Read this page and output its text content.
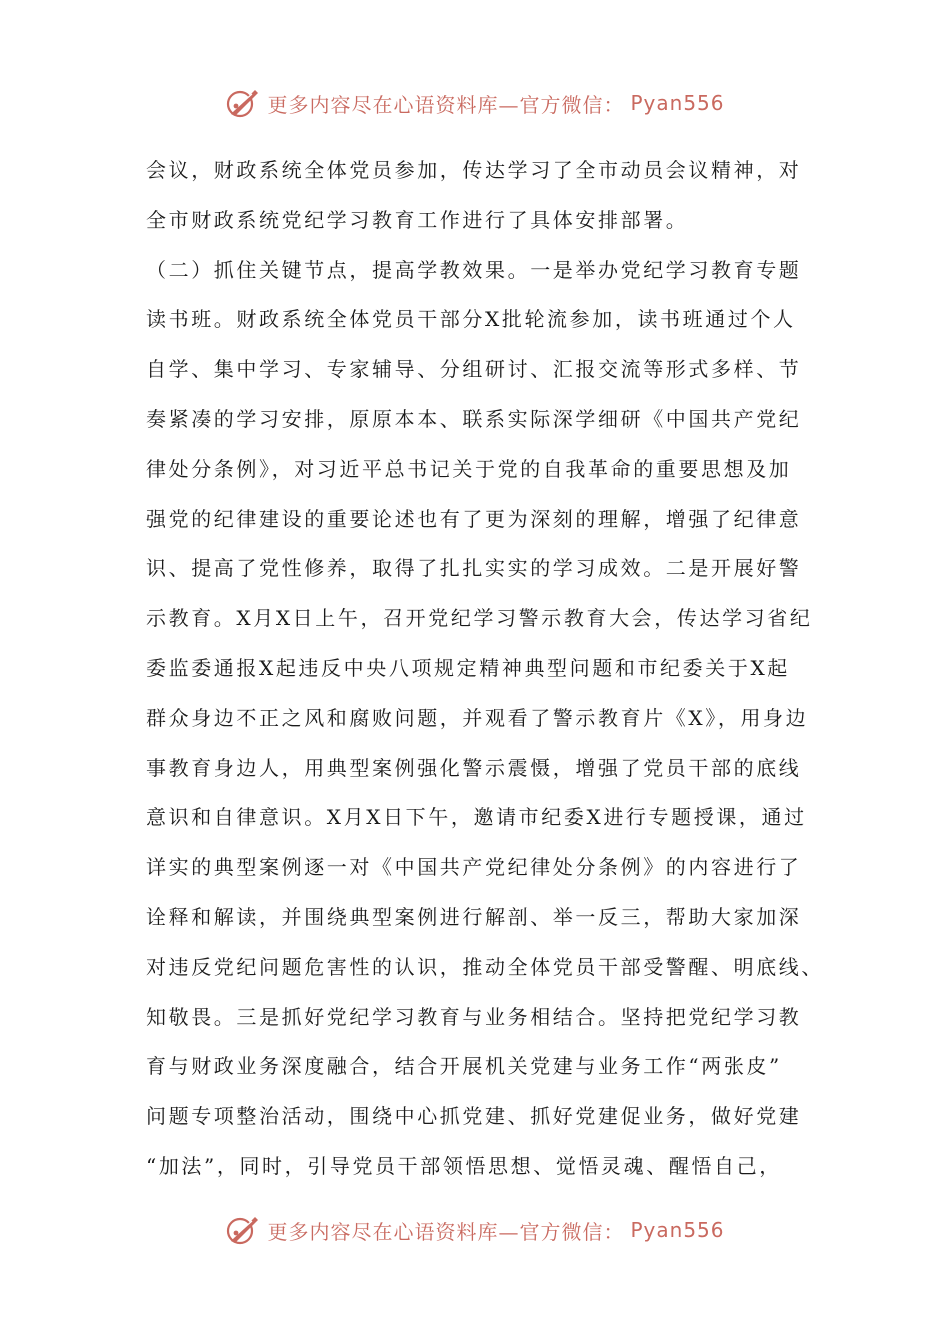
更多内容尽在心语资料库—官方微信： Pyan556
会议，财政系统全体党员参加，传达学习了全市动员会议精神，对
全市财政系统党纪学习教育工作进行了具体安排部署。
（二）抓住关键节点，提高学教效果。一是举办党纪学习教育专题
读书班。财政系统全体党员干部分X批轮流参加，读书班通过个人
自学、集中学习、专家辅导、分组研讨、汇报交流等形式多样、节
奏紧凑的学习安排，原原本本、联系实际深学细研《中国共产党纪
律处分条例》，对习近平总书记关于党的自我革命的重要思想及加
强党的纪律建设的重要论述也有了更为深刻的理解，增强了纪律意
识、提高了党性修养，取得了扎扎实实的学习成效。二是开展好警
示教育。X月X日上午，召开党纪学习警示教育大会，传达学习省纪
委监委通报X起违反中央八项规定精神典型问题和市纪委关于X起
群众身边不正之风和腐败问题，并观看了警示教育片《X》，用身边
事教育身边人，用典型案例强化警示震慑，增强了党员干部的底线
意识和自律意识。X月X日下午，邀请市纪委X进行专题授课，通过
详实的典型案例逐一对《中国共产党纪律处分条例》的内容进行了
诠释和解读，并围绕典型案例进行解剖、举一反三，帮助大家加深
对违反党纪问题危害性的认识，推动全体党员干部受警醒、明底线、
知敬畏。三是抓好党纪学习教育与业务相结合。坚持把党纪学习教
育与财政业务深度融合，结合开展机关党建与业务工作“两张皮”
问题专项整治活动，围绕中心抓党建、抓好党建促业务，做好党建
“加法”，同时，引导党员干部领悟思想、觉悟灵魂、醒悟自己，
更多内容尽在心语资料库—官方微信： Pyan556
